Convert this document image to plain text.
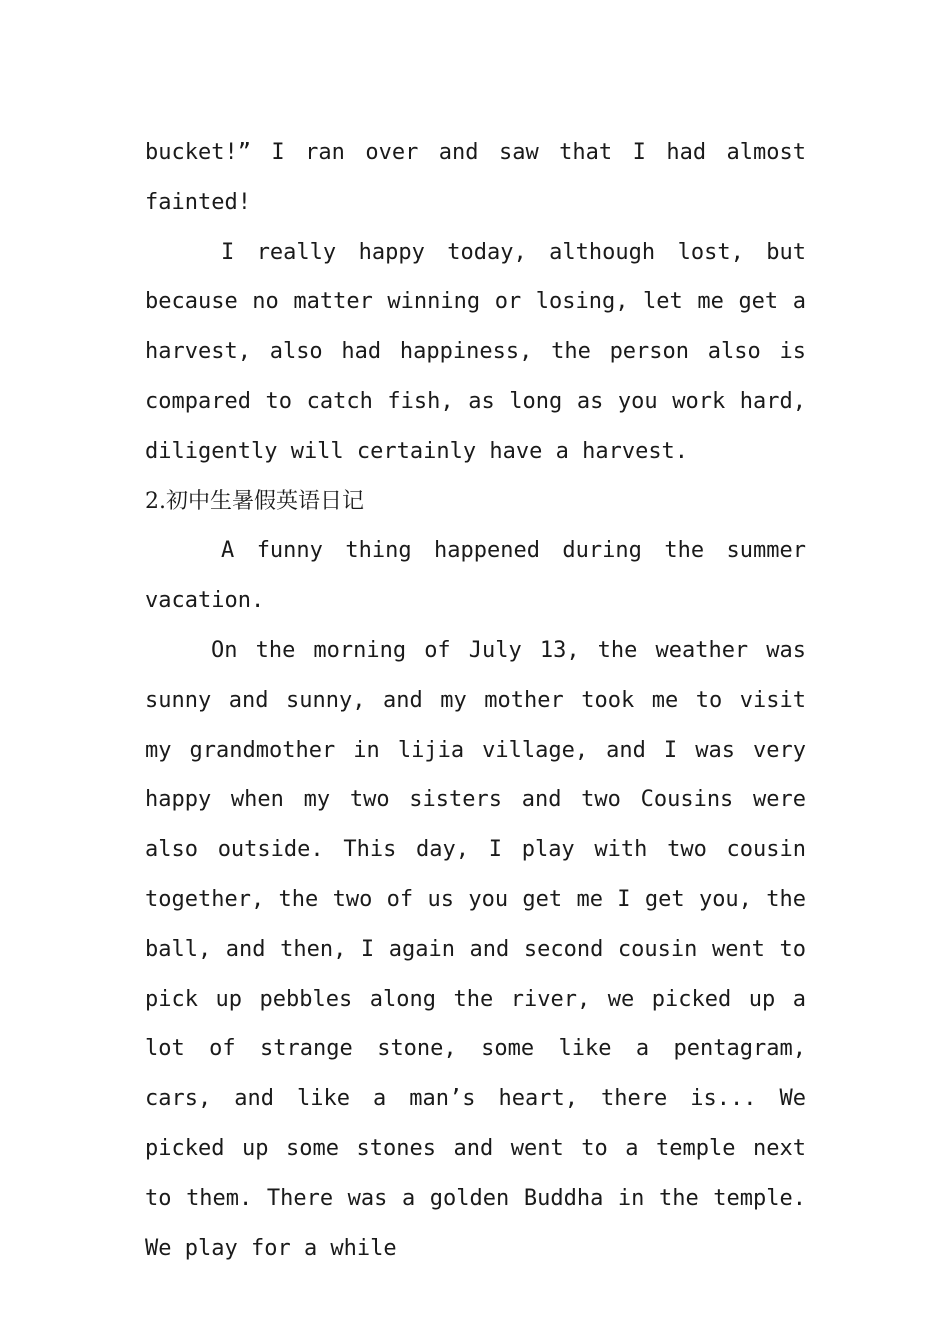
bucket!” I ran over and saw that I had almost fainted!

I really happy today, although lost, but because no matter winning or losing, let me get a harvest, also had happiness, the person also is compared to catch fish, as long as you work hard, diligently will certainly have a harvest.

2.初中生暑假英语日记

A funny thing happened during the summer vacation.

On the morning of July 13, the weather was sunny and sunny, and my mother took me to visit my grandmother in lijia village, and I was very happy when my two sisters and two Cousins were also outside. This day, I play with two cousin together, the two of us you get me I get you, the ball, and then, I again and second cousin went to pick up pebbles along the river, we picked up a lot of strange stone, some like a pentagram, cars, and like a man’s heart, there is... We picked up some stones and went to a temple next to them. There was a golden Buddha in the temple. We play for a while
